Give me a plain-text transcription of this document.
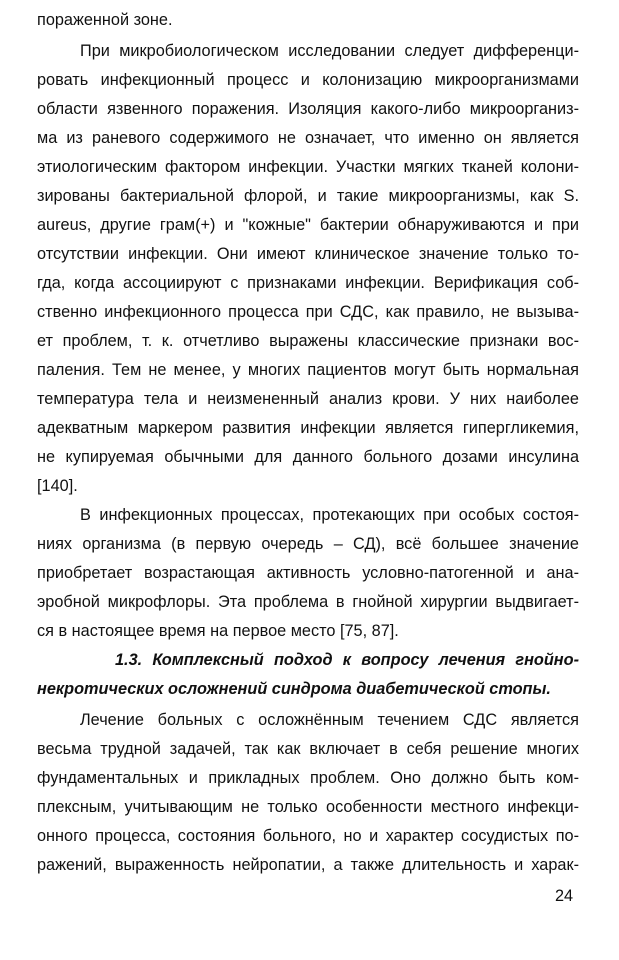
пораженной зоне.
При микробиологическом исследовании следует дифференци-
ровать инфекционный процесс и колонизацию микроорганизмами
области язвенного поражения. Изоляция какого-либо микроорганиз-
ма из раневого содержимого не означает, что именно он является
этиологическим фактором инфекции. Участки мягких тканей колони-
зированы бактериальной флорой, и такие микроорганизмы, как S.
aureus, другие грам(+) и "кожные" бактерии обнаруживаются и при
отсутствии инфекции. Они имеют клиническое значение только то-
гда, когда ассоциируют с признаками инфекции. Верификация соб-
ственно инфекционного процесса при СДС, как правило, не вызыва-
ет проблем, т. к. отчетливо выражены классические признаки вос-
паления. Тем не менее, у многих пациентов могут быть нормальная
температура тела и неизмененный анализ крови. У них наиболее
адекватным маркером развития инфекции является гипергликемия,
не купируемая обычными для данного больного дозами инсулина
[140].
В инфекционных процессах, протекающих при особых состоя-
ниях организма (в первую очередь – СД), всё большее значение
приобретает возрастающая активность условно-патогенной и ана-
эробной микрофлоры. Эта проблема в гнойной хирургии выдвигает-
ся в настоящее время на первое место [75, 87].
1.3. Комплексный подход к вопросу лечения гнойно-
некротических осложнений синдрома диабетической стопы.
Лечение больных с осложнённым течением СДС является
весьма трудной задачей, так как включает в себя решение многих
фундаментальных и прикладных проблем. Оно должно быть ком-
плексным, учитывающим не только особенности местного инфекци-
онного процесса, состояния больного, но и характер сосудистых по-
ражений, выраженность нейропатии, а также длительность и харак-
24
